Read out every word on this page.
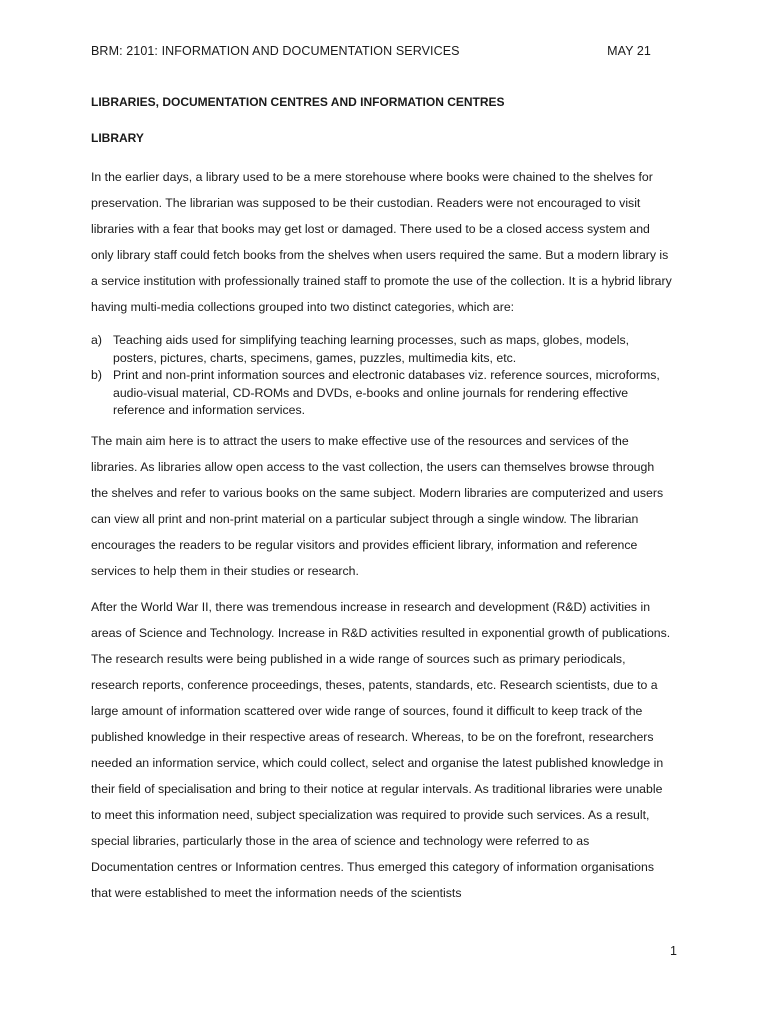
BRM: 2101: INFORMATION AND DOCUMENTATION SERVICES	MAY 21
LIBRARIES, DOCUMENTATION CENTRES AND INFORMATION CENTRES
LIBRARY

In the earlier days, a library used to be a mere storehouse where books were chained to the shelves for preservation. The librarian was supposed to be their custodian. Readers were not encouraged to visit libraries with a fear that books may get lost or damaged. There used to be a closed access system and only library staff could fetch books from the shelves when users required the same. But a modern library is a service institution with professionally trained staff to promote the use of the collection. It is a hybrid library having multi-media collections grouped into two distinct categories, which are:

a) Teaching aids used for simplifying teaching learning processes, such as maps, globes, models, posters, pictures, charts, specimens, games, puzzles, multimedia kits, etc.
b) Print and non-print information sources and electronic databases viz. reference sources, microforms, audio-visual material, CD-ROMs and DVDs, e-books and online journals for rendering effective reference and information services.

The main aim here is to attract the users to make effective use of the resources and services of the libraries. As libraries allow open access to the vast collection, the users can themselves browse through the shelves and refer to various books on the same subject. Modern libraries are computerized and users can view all print and non-print material on a particular subject through a single window. The librarian encourages the readers to be regular visitors and provides efficient library, information and reference services to help them in their studies or research.

After the World War II, there was tremendous increase in research and development (R&D) activities in areas of Science and Technology. Increase in R&D activities resulted in exponential growth of publications. The research results were being published in a wide range of sources such as primary periodicals, research reports, conference proceedings, theses, patents, standards, etc. Research scientists, due to a large amount of information scattered over wide range of sources, found it difficult to keep track of the published knowledge in their respective areas of research. Whereas, to be on the forefront, researchers needed an information service, which could collect, select and organise the latest published knowledge in their field of specialisation and bring to their notice at regular intervals. As traditional libraries were unable to meet this information need, subject specialization was required to provide such services. As a result, special libraries, particularly those in the area of science and technology were referred to as Documentation centres or Information centres. Thus emerged this category of information organisations that were established to meet the information needs of the scientists

1
